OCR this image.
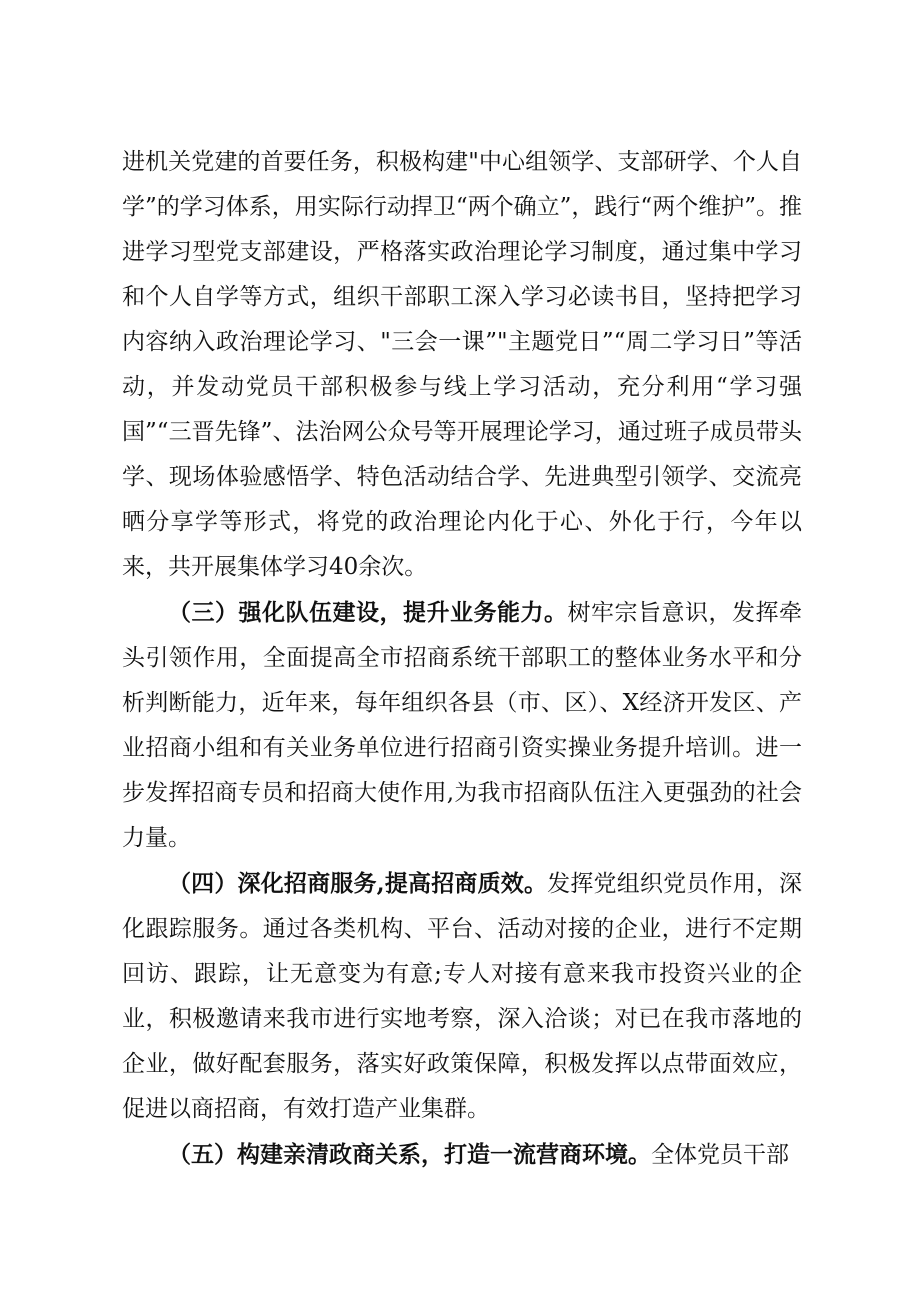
进机关党建的首要任务，积极构建"中心组领学、支部研学、个人自学”的学习体系，用实际行动捍卫“两个确立”，践行“两个维护”。推进学习型党支部建设，严格落实政治理论学习制度，通过集中学习和个人自学等方式，组织干部职工深入学习必读书目，坚持把学习内容纳入政治理论学习、"三会一课”"主题党日”“周二学习日”等活动，并发动党员干部积极参与线上学习活动，充分利用“学习强国”“三晋先锋”、法治网公众号等开展理论学习，通过班子成员带头学、现场体验感悟学、特色活动结合学、先进典型引领学、交流亮晒分享学等形式，将党的政治理论内化于心、外化于行，今年以来，共开展集体学习40余次。

（三）强化队伍建设，提升业务能力。树牢宗旨意识，发挥牵头引领作用，全面提高全市招商系统干部职工的整体业务水平和分析判断能力，近年来，每年组织各县（市、区）、X经济开发区、产业招商小组和有关业务单位进行招商引资实操业务提升培训。进一步发挥招商专员和招商大使作用,为我市招商队伍注入更强劲的社会力量。

（四）深化招商服务,提高招商质效。发挥党组织党员作用，深化跟踪服务。通过各类机构、平台、活动对接的企业，进行不定期回访、跟踪，让无意变为有意;专人对接有意来我市投资兴业的企业，积极邀请来我市进行实地考察，深入洽谈；对已在我市落地的企业，做好配套服务，落实好政策保障，积极发挥以点带面效应，促进以商招商，有效打造产业集群。

（五）构建亲清政商关系，打造一流营商环境。全体党员干部
